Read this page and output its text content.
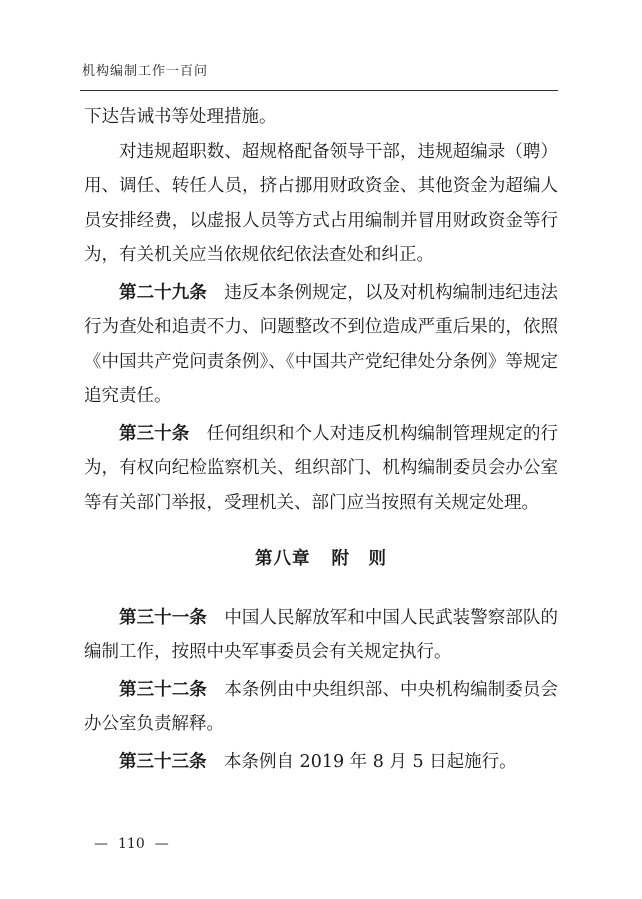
机构编制工作一百问

下达告诫书等处理措施。

对违规超职数、超规格配备领导干部，违规超编录（聘）用、调任、转任人员，挤占挪用财政资金、其他资金为超编人员安排经费，以虚报人员等方式占用编制并冒用财政资金等行为，有关机关应当依规依纪依法查处和纠正。

第二十九条 违反本条例规定，以及对机构编制违纪违法行为查处和追责不力、问题整改不到位造成严重后果的，依照《中国共产党问责条例》、《中国共产党纪律处分条例》等规定追究责任。

第三十条 任何组织和个人对违反机构编制管理规定的行为，有权向纪检监察机关、组织部门、机构编制委员会办公室等有关部门举报，受理机关、部门应当按照有关规定处理。

第八章 附　则

第三十一条 中国人民解放军和中国人民武装警察部队的编制工作，按照中央军事委员会有关规定执行。

第三十二条 本条例由中央组织部、中央机构编制委员会办公室负责解释。

第三十三条 本条例自 2019 年 8 月 5 日起施行。

— 110 —
